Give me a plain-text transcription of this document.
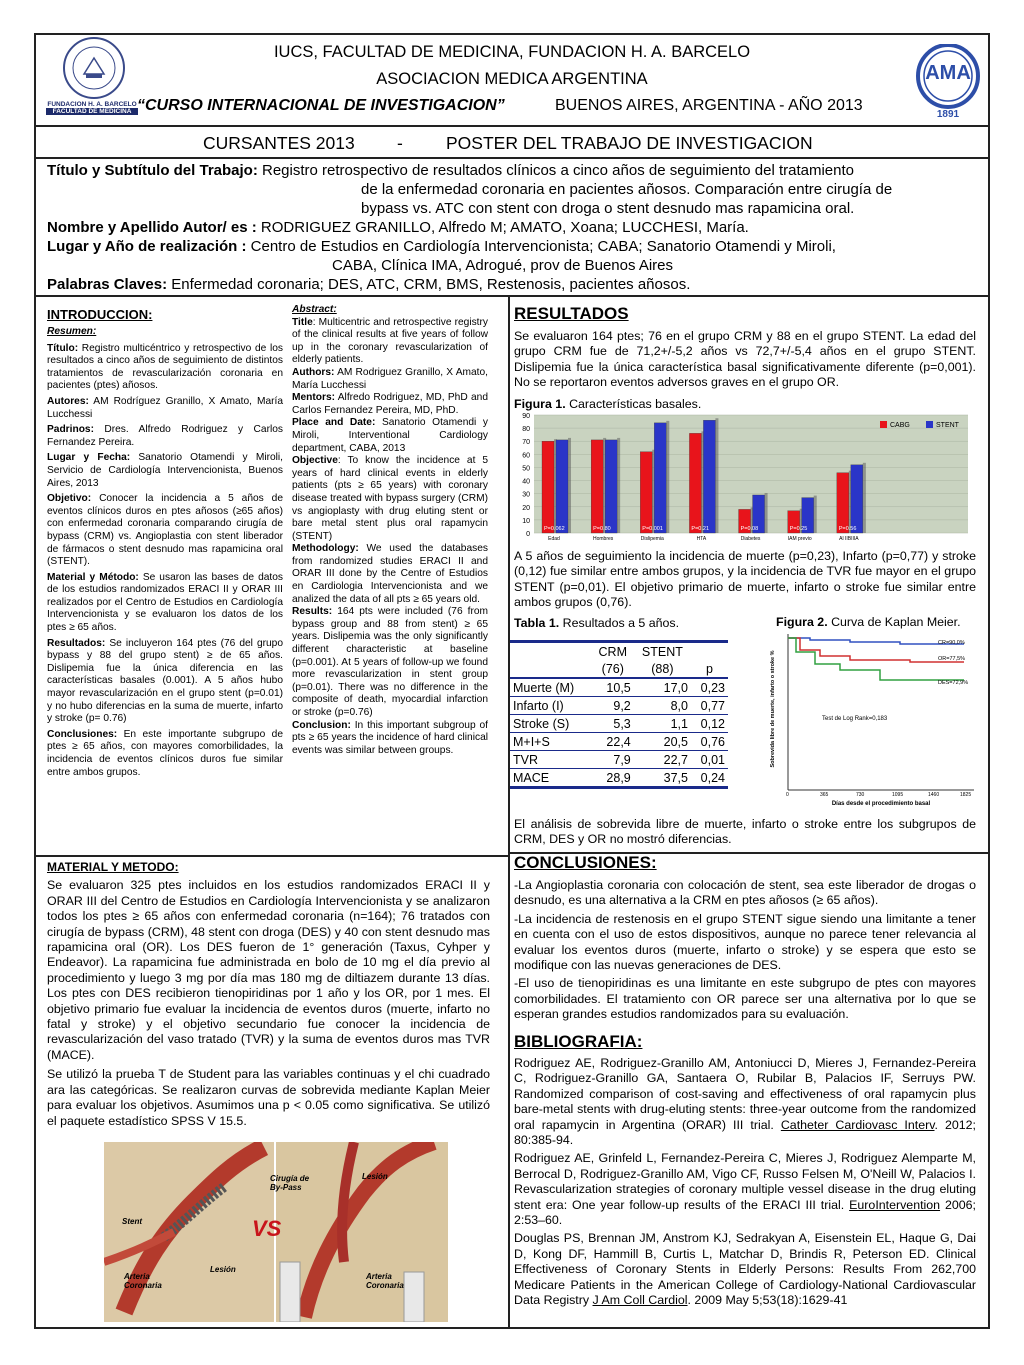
FUNDACION H. A. BARCELO
FACULTAD DE MEDICINA
AMA
1891
IUCS, FACULTAD DE MEDICINA, FUNDACION H. A. BARCELO
ASOCIACION MEDICA ARGENTINA
“CURSO INTERNACIONAL DE INVESTIGACION”	BUENOS AIRES, ARGENTINA - AÑO 2013
CURSANTES 2013 - POSTER DEL TRABAJO DE INVESTIGACION
Título y Subtítulo del Trabajo: Registro retrospectivo de resultados clínicos a cinco años de seguimiento del tratamiento
de la enfermedad coronaria en pacientes añosos. Comparación entre cirugía de
bypass vs. ATC con stent con droga o stent desnudo mas rapamicina oral.
Nombre y Apellido Autor/ es : RODRIGUEZ GRANILLO, Alfredo M; AMATO, Xoana; LUCCHESI, María.
Lugar y Año de realización : Centro de Estudios en Cardiología Intervencionista; CABA; Sanatorio Otamendi y Miroli,
CABA, Clínica IMA, Adrogué, prov de Buenos Aires
Palabras Claves: Enfermedad coronaria; DES, ATC, CRM, BMS, Restenosis, pacientes añosos.
INTRODUCCION:
Resumen:

Título: Registro multicéntrico y retrospectivo de los resultados a cinco años de seguimiento de distintos tratamientos de revascularización coronaria en pacientes (ptes) añosos.

Autores: AM Rodríguez Granillo, X Amato, María Lucchessi

Padrinos: Dres. Alfredo Rodriguez y Carlos Fernandez Pereira.

Lugar y Fecha: Sanatorio Otamendi y Miroli, Servicio de Cardiología Intervencionista, Buenos Aires, 2013

Objetivo: Conocer la incidencia a 5 años de eventos clínicos duros en ptes añosos (≥65 años) con enfermedad coronaria comparando cirugía de bypass (CRM) vs. Angioplastia con stent liberador de fármacos o stent desnudo mas rapamicina oral (STENT).

Material y Método: Se usaron las bases de datos de los estudios randomizados ERACI II y ORAR III realizados por el Centro de Estudios en Cardiología Intervencionista y se evaluaron los datos de los ptes ≥ 65 años.

Resultados: Se incluyeron 164 ptes (76 del grupo bypass y 88 del grupo stent) ≥ de 65 años. Dislipemia fue la única diferencia en las características basales (0.001). A 5 años hubo mayor revascularización en el grupo stent (p=0.01) y no hubo diferencias en la suma de muerte, infarto y stroke (p= 0.76)

Conclusiones: En este importante subgrupo de ptes ≥ 65 años, con mayores comorbilidades, la incidencia de eventos clínicos duros fue similar entre ambos grupos.

Abstract:

Title: Multicentric and retrospective registry of the clinical results at five years of follow up in the coronary revascularization of elderly patients.

Authors: AM Rodriguez Granillo, X Amato, María Lucchessi

Mentors: Alfredo Rodriguez, MD, PhD and Carlos Fernandez Pereira, MD, PhD.

Place and Date: Sanatorio Otamendi y Miroli, Interventional Cardiology department, CABA, 2013

Objective: To know the incidence at 5 years of hard clinical events in elderly patients (pts ≥ 65 years) with coronary disease treated with bypass surgery (CRM) vs angioplasty with drug eluting stent or bare metal stent plus oral rapamycin (STENT)

Methodology: We used the databases from randomized studies ERACI II and ORAR III done by the Centre of Estudios en Cardiologia Intervencionista and we analized the data of all pts ≥ 65 years old.

Results: 164 pts were included (76 from bypass group and 88 from stent) ≥ 65 years. Dislipemia was the only significantly different characteristic at baseline (p=0.001). At 5 years of follow-up we found more revascularization in stent group (p=0.01). There was no difference in the composite of death, myocardial infarction or stroke (p=0.76)

Conclusion: In this important subgroup of pts ≥ 65 years the incidence of hard clinical events was similar between groups.

MATERIAL Y METODO:

Se evaluaron 325 ptes incluidos en los estudios randomizados ERACI II y ORAR III del Centro de Estudios en Cardiología Intervencionista y se analizaron todos los ptes ≥ 65 años con enfermedad coronaria (n=164); 76 tratados con cirugía de bypass (CRM), 48 stent con droga (DES) y 40 con stent desnudo mas rapamicina oral (OR). Los DES fueron de 1° generación (Taxus, Cyhper y Endeavor). La rapamicina fue administrada en bolo de 10 mg el día previo al procedimiento y luego 3 mg por día mas 180 mg de diltiazem durante 13 días. Los ptes con DES recibieron tienopiridinas por 1 año y los OR, por 1 mes. El objetivo primario fue evaluar la incidencia de eventos duros (muerte, infarto no fatal y stroke) y el objetivo secundario fue conocer la incidencia de revascularización del vaso tratado (TVR) y la suma de eventos duros mas TVR (MACE).

Se utilizó la prueba T de Student para las variables continuas y el chi cuadrado ara las categóricas. Se realizaron curvas de sobrevida mediante Kaplan Meier para evaluar los objetivos. Asumimos una p < 0.05 como significativa. Se utilizó el paquete estadístico SPSS V 15.5.

Stent
Arteria Coronaria
Lesión
VS
Cirugía de By-Pass
Lesión
Arteria Coronaria
RESULTADOS
Se evaluaron 164 ptes; 76 en el grupo CRM y 88 en el grupo STENT. La edad del grupo CRM fue de 71,2+/-5,2 años vs 72,7+/-5,4 años en el grupo STENT. Dislipemia fue la única característica basal significativamente diferente (p=0,001). No se reportaron eventos adversos graves en el grupo OR.
Figura 1. Características basales.
0
10
20
30
40
50
60
70
80
90
P=0.062
Edad
P=0.80
Hombres
P=0.001
Dislipemia
P=0.21
HTA
P=0.08
Diabetes
P=0.25
IAM previo
P=0.56
Al IIBIIIA
CABG	STENT
A 5 años de seguimiento la incidencia de muerte (p=0,23), Infarto (p=0,77) y stroke (0,12) fue similar entre ambos grupos, y la incidencia de TVR fue mayor en el grupo STENT (p=0,01). El objetivo primario de muerte, infarto o stroke fue similar entre ambos grupos (0,76).
Tabla 1. Resultados a 5 años.	Figura 2. Curva de Kaplan Meier.
	CRM	STENT	
	(76)	(88)	p
Muerte (M)	10,5	17,0	0,23
Infarto (I)	9,2	8,0	0,77
Stroke (S)	5,3	1,1	0,12
M+I+S	22,4	20,5	0,76
TVR	7,9	22,7	0,01
MACE	28,9	37,5	0,24
Sobrevida libre de muerte, infarto o stroke %
CR=90,0%
OR=77,5%
DES=72,9%
Test de Log Rank=0,183
0	365	730	1095	1460	1825
Días desde el procedimiento basal
El análisis de sobrevida libre de muerte, infarto o stroke entre los subgrupos de CRM, DES y OR no mostró diferencias.
CONCLUSIONES:

-La Angioplastia coronaria con colocación de stent, sea este liberador de drogas o desnudo, es una alternativa a la CRM en ptes añosos (≥ 65 años).

-La incidencia de restenosis en el grupo STENT sigue siendo una limitante a tener en cuenta con el uso de estos dispositivos, aunque no parece tener relevancia al evaluar los eventos duros (muerte, infarto o stroke) y se espera que esto se modifique con las nuevas generaciones de DES.

-El uso de tienopiridinas es una limitante en este subgrupo de ptes con mayores comorbilidades. El tratamiento con OR parece ser una alternativa por lo que se esperan grandes estudios randomizados para su evaluación.

BIBLIOGRAFIA:

Rodriguez AE, Rodriguez-Granillo AM, Antoniucci D, Mieres J, Fernandez-Pereira C, Rodriguez-Granillo GA, Santaera O, Rubilar B, Palacios IF, Serruys PW. Randomized comparison of cost-saving and effectiveness of oral rapamycin plus bare-metal stents with drug-eluting stents: three-year outcome from the randomized oral rapamycin in Argentina (ORAR) III trial. Catheter Cardiovasc Interv. 2012; 80:385-94.

Rodriguez AE, Grinfeld L, Fernandez-Pereira C, Mieres J, Rodriguez Alemparte M, Berrocal D, Rodriguez-Granillo AM, Vigo CF, Russo Felsen M, O'Neill W, Palacios I. Revascularization strategies of coronary multiple vessel disease in the drug eluting stent era: One year follow-up results of the ERACI III trial. EuroIntervention 2006; 2:53–60.

Douglas PS, Brennan JM, Anstrom KJ, Sedrakyan A, Eisenstein EL, Haque G, Dai D, Kong DF, Hammill B, Curtis L, Matchar D, Brindis R, Peterson ED. Clinical Effectiveness of Coronary Stents in Elderly Persons: Results From 262,700 Medicare Patients in the American College of Cardiology-National Cardiovascular Data Registry J Am Coll Cardiol. 2009 May 5;53(18):1629-41
